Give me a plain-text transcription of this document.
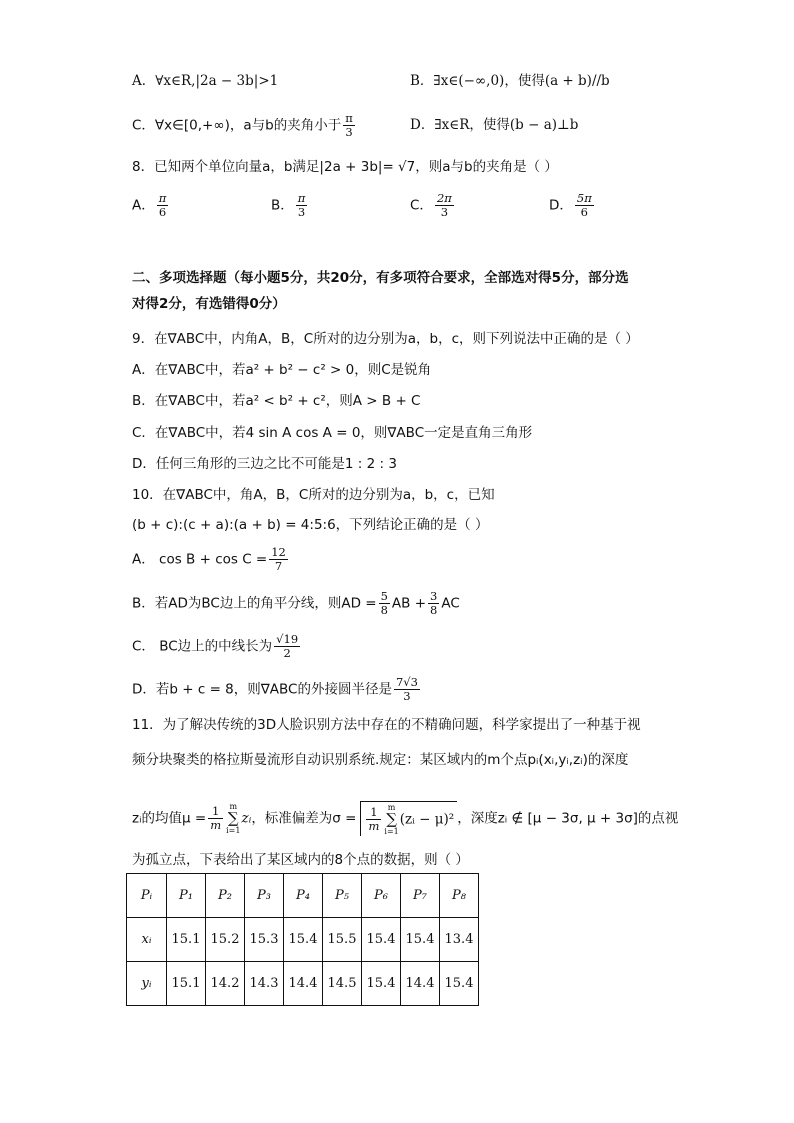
A．∀x∈R,|2a − 3b|>1	B．∃x∈(−∞,0)，使得(a + b)//b
C．∀x∈[0,+∞)，a与b的夹角小于 $\frac{\pi}{3}$	D．∃x∈R，使得(b − a)⊥b
8．已知两个单位向量a，b满足|2a + 3b|= √7，则a与b的夹角是（ ）
A． $\frac{\pi}{6}$	B． $\frac{\pi}{3}$	C． $\frac{2\pi}{3}$	D． $\frac{5\pi}{6}$
二、多项选择题（每小题5分，共20分，有多项符合要求，全部选对得5分，部分选
对得2分，有选错得0分）
9．在∇ABC中，内角A，B，C所对的边分别为a，b，c，则下列说法中正确的是（ ）
A．在∇ABC中，若a² + b² − c² > 0，则C是锐角
B．在∇ABC中，若a² < b² + c²，则A > B + C
C．在∇ABC中，若4 sin A cos A = 0，则∇ABC一定是直角三角形
D．任何三角形的三边之比不可能是1 : 2 : 3
10．在∇ABC中，角A，B，C所对的边分别为a，b，c，已知
(b + c):(c + a):(a + b) = 4:5:6，下列结论正确的是（ ）
A． $\cos B + \cos C = \frac{12}{7}$
B．若AD为BC边上的角平分线，则AD = $\frac{5}{8}$ AB + $\frac{3}{8}$ AC
C． BC边上的中线长为 $\frac{√19}{2}$
D．若b + c = 8，则∇ABC的外接圆半径是 $\frac{7√3}{3}$
11．为了解决传统的3D人脸识别方法中存在的不精确问题，科学家提出了一种基于视
频分块聚类的格拉斯曼流形自动识别系统.规定：某区域内的m个点pᵢ(xᵢ,yᵢ,zᵢ)的深度
zᵢ的均值$\mu = \frac{1}{m}$ m
∑
i=1zᵢ，标准偏差为$\sigma = \frac{1}{m}$ m
∑
i=1(zᵢ − μ)² ，深度zᵢ ∉ [μ − 3σ, μ + 3σ]的点视
为孤立点，下表给出了某区域内的8个点的数据，则（ ）
Pᵢ	P₁	P₂	P₃	P₄	P₅	P₆	P₇	P₈
xᵢ	15.1	15.2	15.3	15.4	15.5	15.4	15.4	13.4
yᵢ	15.1	14.2	14.3	14.4	14.5	15.4	14.4	15.4
